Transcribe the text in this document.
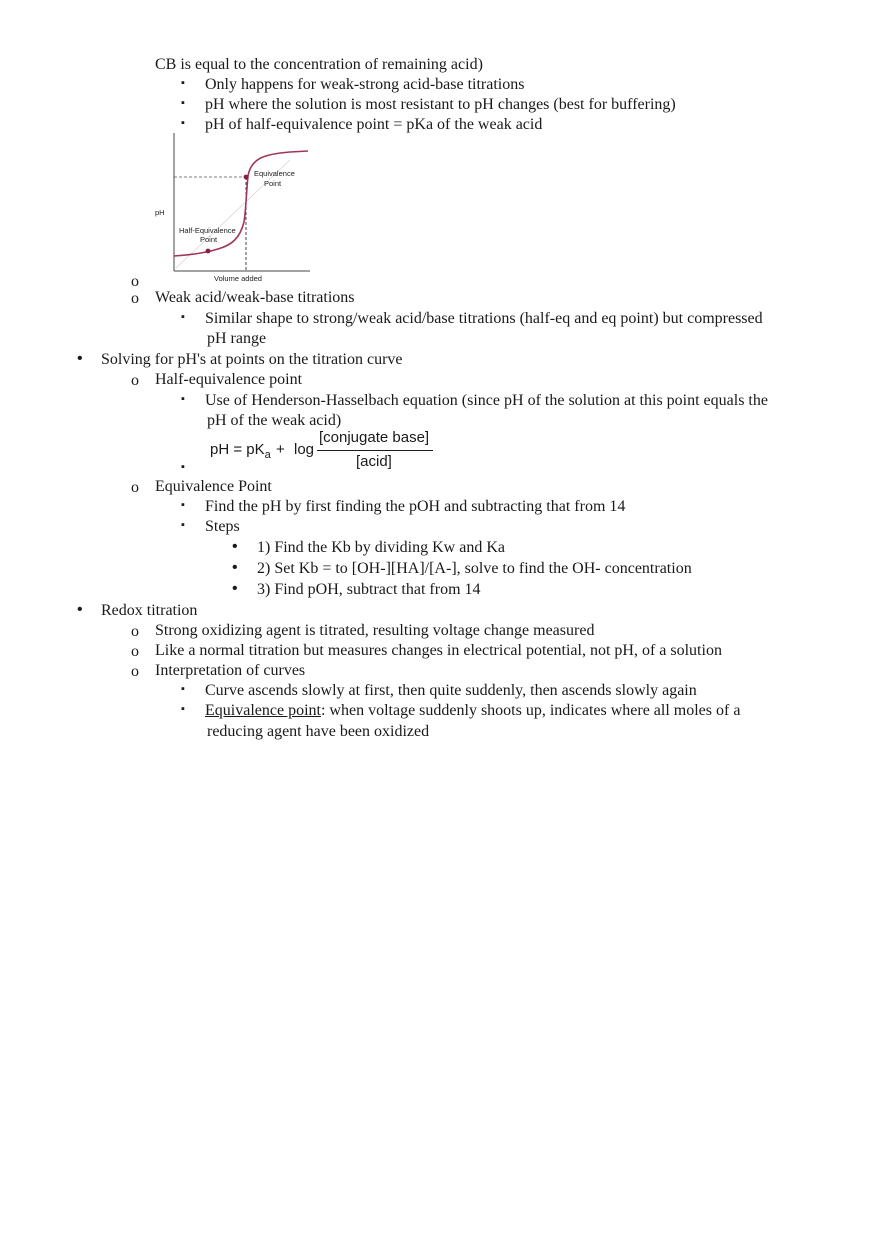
CB is equal to the concentration of remaining acid)
▪ Only happens for weak-strong acid-base titrations
▪ pH where the solution is most resistant to pH changes (best for buffering)
▪ pH of half-equivalence point = pKa of the weak acid
Equivalence
Point
pH
Half-Equivalence
Point
Volume added
o
o Weak acid/weak-base titrations
▪ Similar shape to strong/weak acid/base titrations (half-eq and eq point) but compressed
pH range
• Solving for pH's at points on the titration curve
o Half-equivalence point
▪ Use of Henderson-Hasselbach equation (since pH of the solution at this point equals the
pH of the weak acid)
pH = $pK_a + \log$
[conjugate base]
[acid]
▪
o Equivalence Point
▪ Find the pH by first finding the pOH and subtracting that from 14
▪ Steps
• 1) Find the Kb by dividing Kw and Ka
• 2) Set Kb = to [OH-][HA]/[A-], solve to find the OH- concentration
• 3) Find pOH, subtract that from 14
• Redox titration
o Strong oxidizing agent is titrated, resulting voltage change measured
o Like a normal titration but measures changes in electrical potential, not pH, of a solution
o Interpretation of curves
▪ Curve ascends slowly at first, then quite suddenly, then ascends slowly again
▪ Equivalence point: when voltage suddenly shoots up, indicates where all moles of a
reducing agent have been oxidized
